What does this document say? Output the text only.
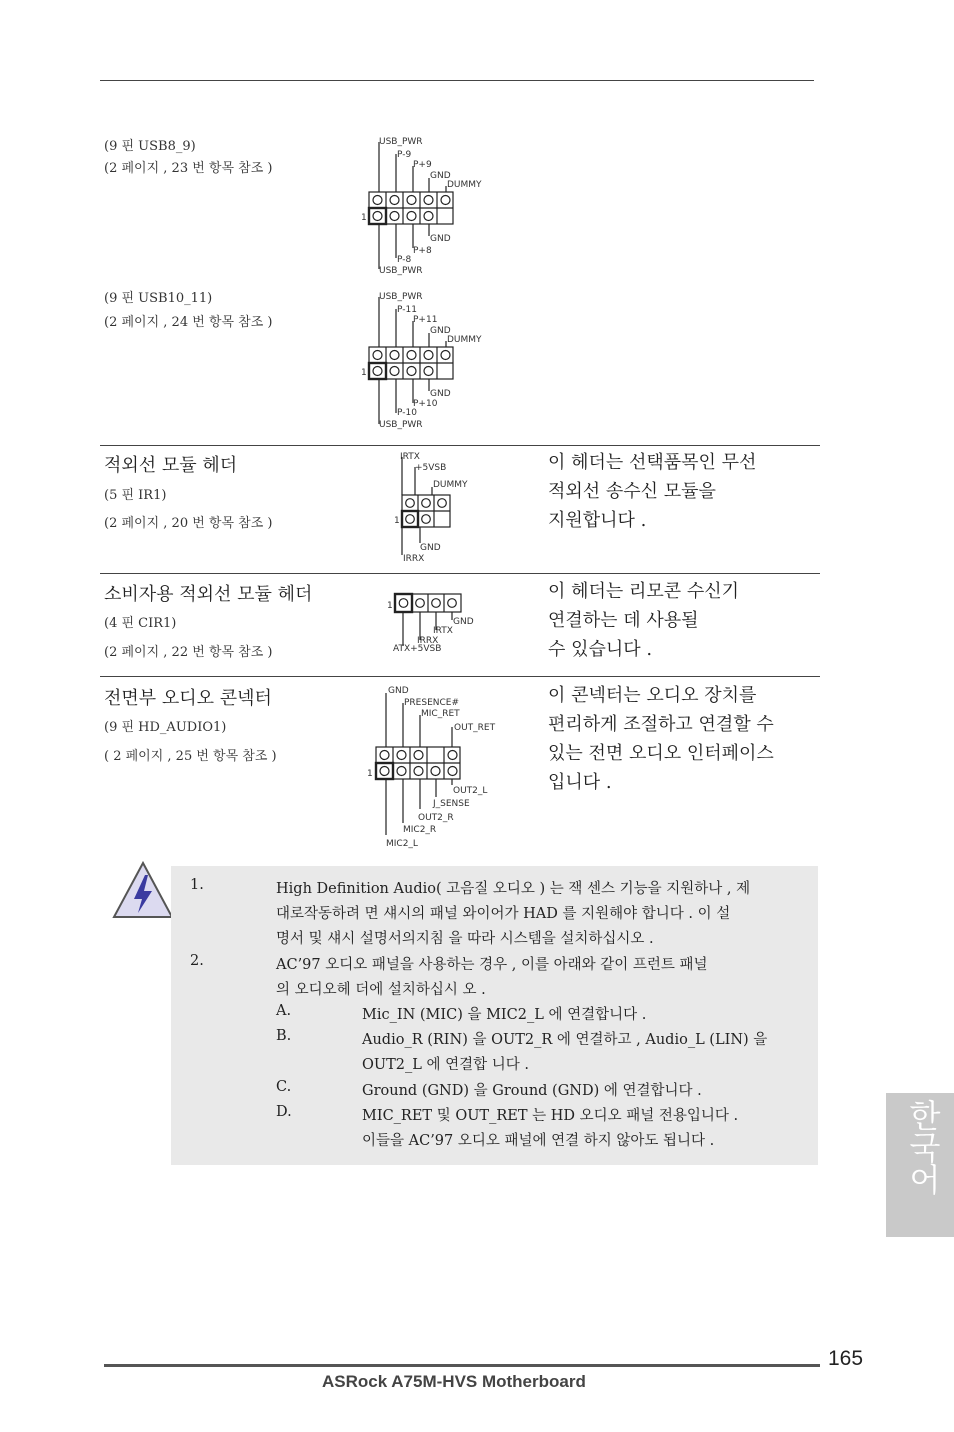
(9 핀 USB8_9)
(2 페이지 , 23 번 항목 참조 )
USB_PWR
P-9
P+9
GND
DUMMY
1
GND
P+8
P-8
USB_PWR
(9 핀 USB10_11)
(2 페이지 , 24 번 항목 참조 )
USB_PWR
P-11
P+11
GND
DUMMY
1
GND
P+10
P-10
USB_PWR
적외선 모듈 헤더
(5 핀 IR1)
(2 페이지 , 20 번 항목 참조 )
IRTX
+5VSB
DUMMY
1
GND
IRRX
이 헤더는 선택품목인 무선
적외선 송수신 모듈을
지원합니다 .
소비자용 적외선 모듈 헤더
(4 핀 CIR1)
(2 페이지 , 22 번 항목 참조 )
1
GND
IRTX
IRRX
ATX+5VSB
이 헤더는 리모콘 수신기
연결하는 데 사용될
수 있습니다 .
전면부 오디오 콘넥터
(9 핀 HD_AUDIO1)
( 2 페이지 , 25 번 항목 참조 )
GND
PRESENCE#
MIC_RET
OUT_RET
1
OUT2_L
J_SENSE
OUT2_R
MIC2_R
MIC2_L
이 콘넥터는 오디오 장치를
편리하게 조절하고 연결할 수
있는 전면 오디오 인터페이스
입니다 .
1.	High Definition Audio( 고음질 오디오 ) 는 잭 센스 기능을 지원하나 , 제
대로작동하려 면 섀시의 패널 와이어가 HAD 를 지원해야 합니다 . 이 설
명서 및 섀시 설명서의지침 을 따라 시스템을 설치하십시오 .
2.	AC’97 오디오 패널을 사용하는 경우 , 이를 아래와 같이 프런트 패널
의 오디오헤 더에 설치하십시 오 .
A.	Mic_IN (MIC) 을 MIC2_L 에 연결합니다 .
B.	Audio_R (RIN) 을 OUT2_R 에 연결하고 , Audio_L (LIN) 을
OUT2_L 에 연결합 니다 .
C.	Ground (GND) 을 Ground (GND) 에 연결합니다 .
D.	MIC_RET 및 OUT_RET 는 HD 오디오 패널 전용입니다 .
이들을 AC’97 오디오 패널에 연결 하지 않아도 됩니다 .	한국어
165
ASRock A75M-HVS Motherboard
